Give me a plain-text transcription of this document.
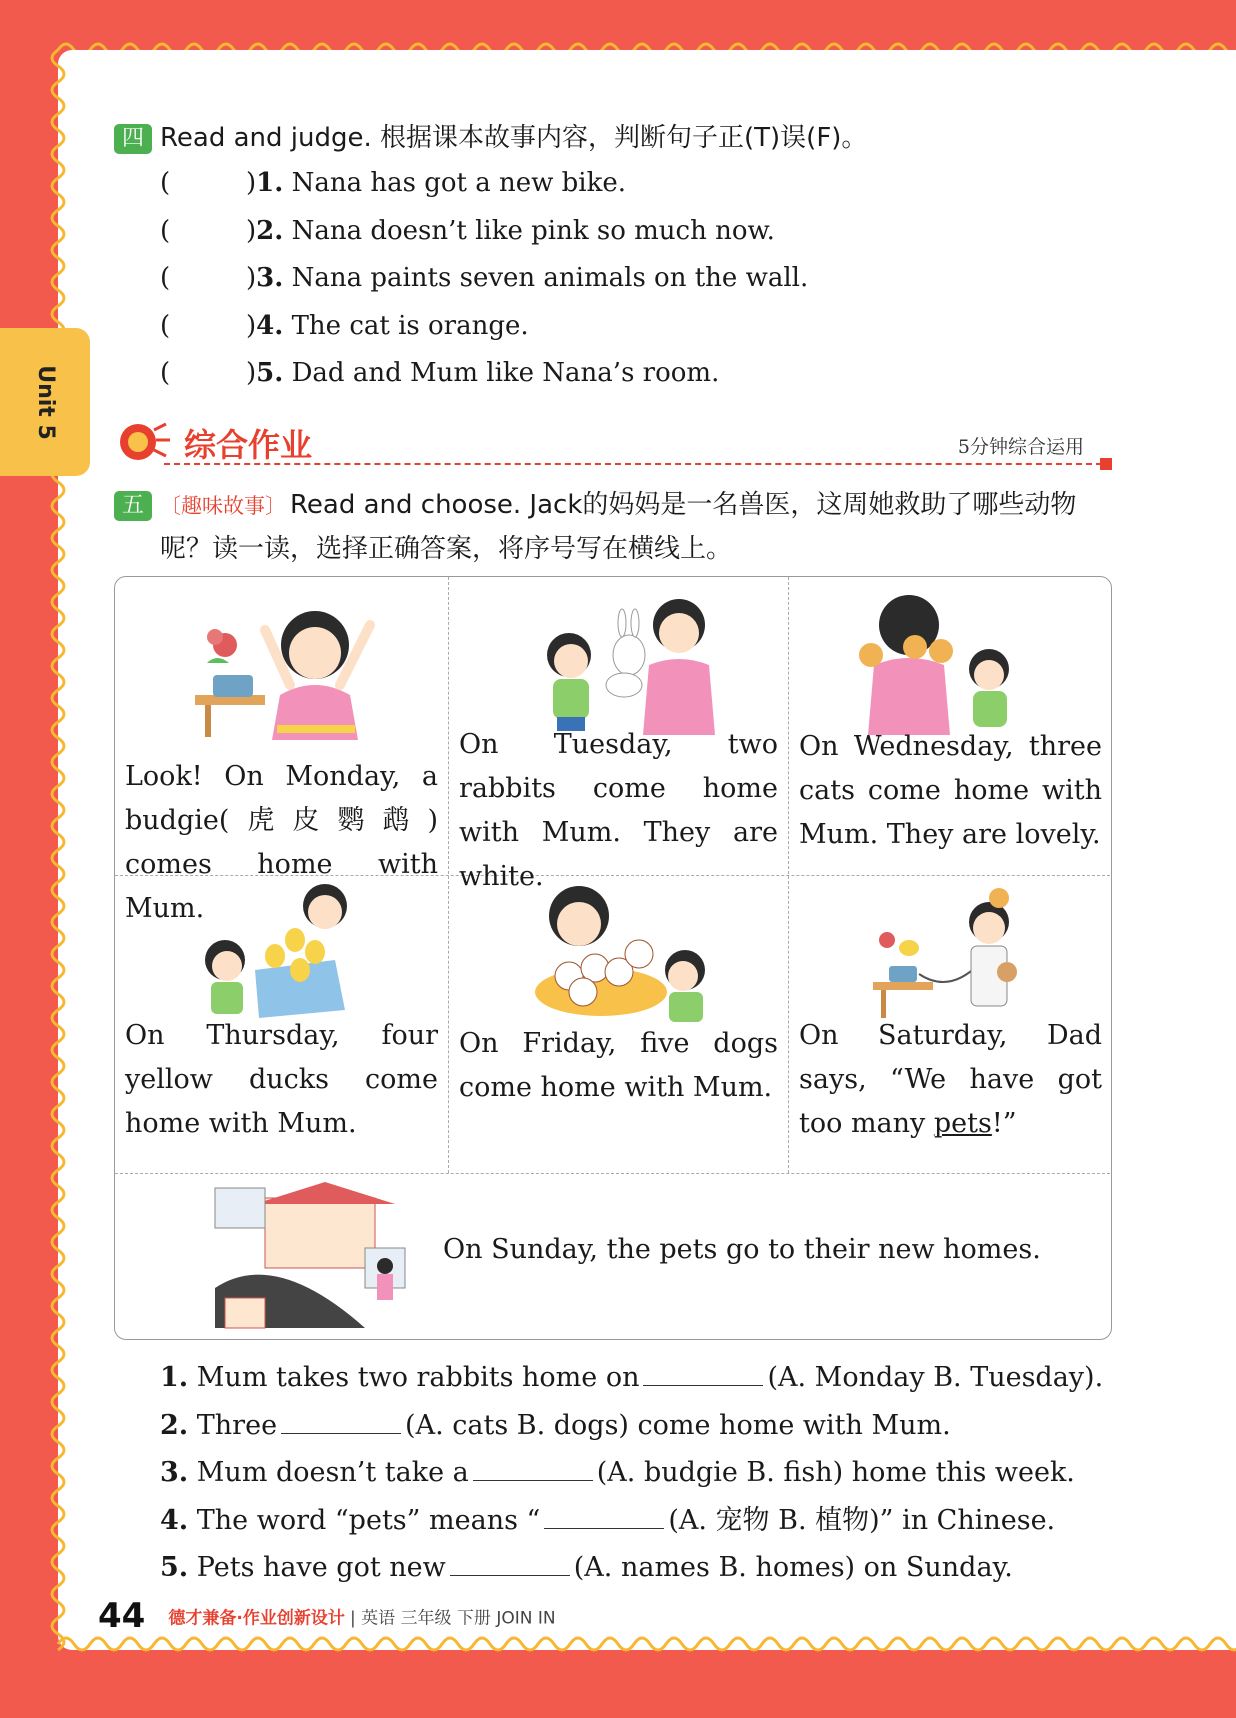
Unit 5
四 Read and judge. 根据课本故事内容，判断句子正(T)误(F)。
(	)1. Nana has got a new bike.
(	)2. Nana doesn’t like pink so much now.
(	)3. Nana paints seven animals on the wall.
(	)4. The cat is orange.
(	)5. Dad and Mum like Nana’s room.
综合作业	5分钟综合运用
五 〔趣味故事〕 Read and choose. Jack的妈妈是一名兽医，这周她救助了哪些动物
呢？读一读，选择正确答案，将序号写在横线上。
Look! On Monday, a budgie(虎皮鹦鹉) comes home with Mum.
On Tuesday, two rabbits come home with Mum. They are white.
On Wednesday, three cats come home with Mum. They are lovely.
On Thursday, four yellow ducks come home with Mum.
On Friday, five dogs come home with Mum.
On Saturday, Dad says, “We have got too many pets!”
On Sunday, the pets go to their new homes.
1. Mum takes two rabbits home on	(A. Monday B. Tuesday).
2. Three	(A. cats B. dogs) come home with Mum.
3. Mum doesn’t take a	(A. budgie B. fish) home this week.
4. The word “pets” means “	(A. 宠物 B. 植物)” in Chinese.
5. Pets have got new	(A. names B. homes) on Sunday.
44 德才兼备·作业创新设计 | 英语 三年级 下册 JOIN IN
